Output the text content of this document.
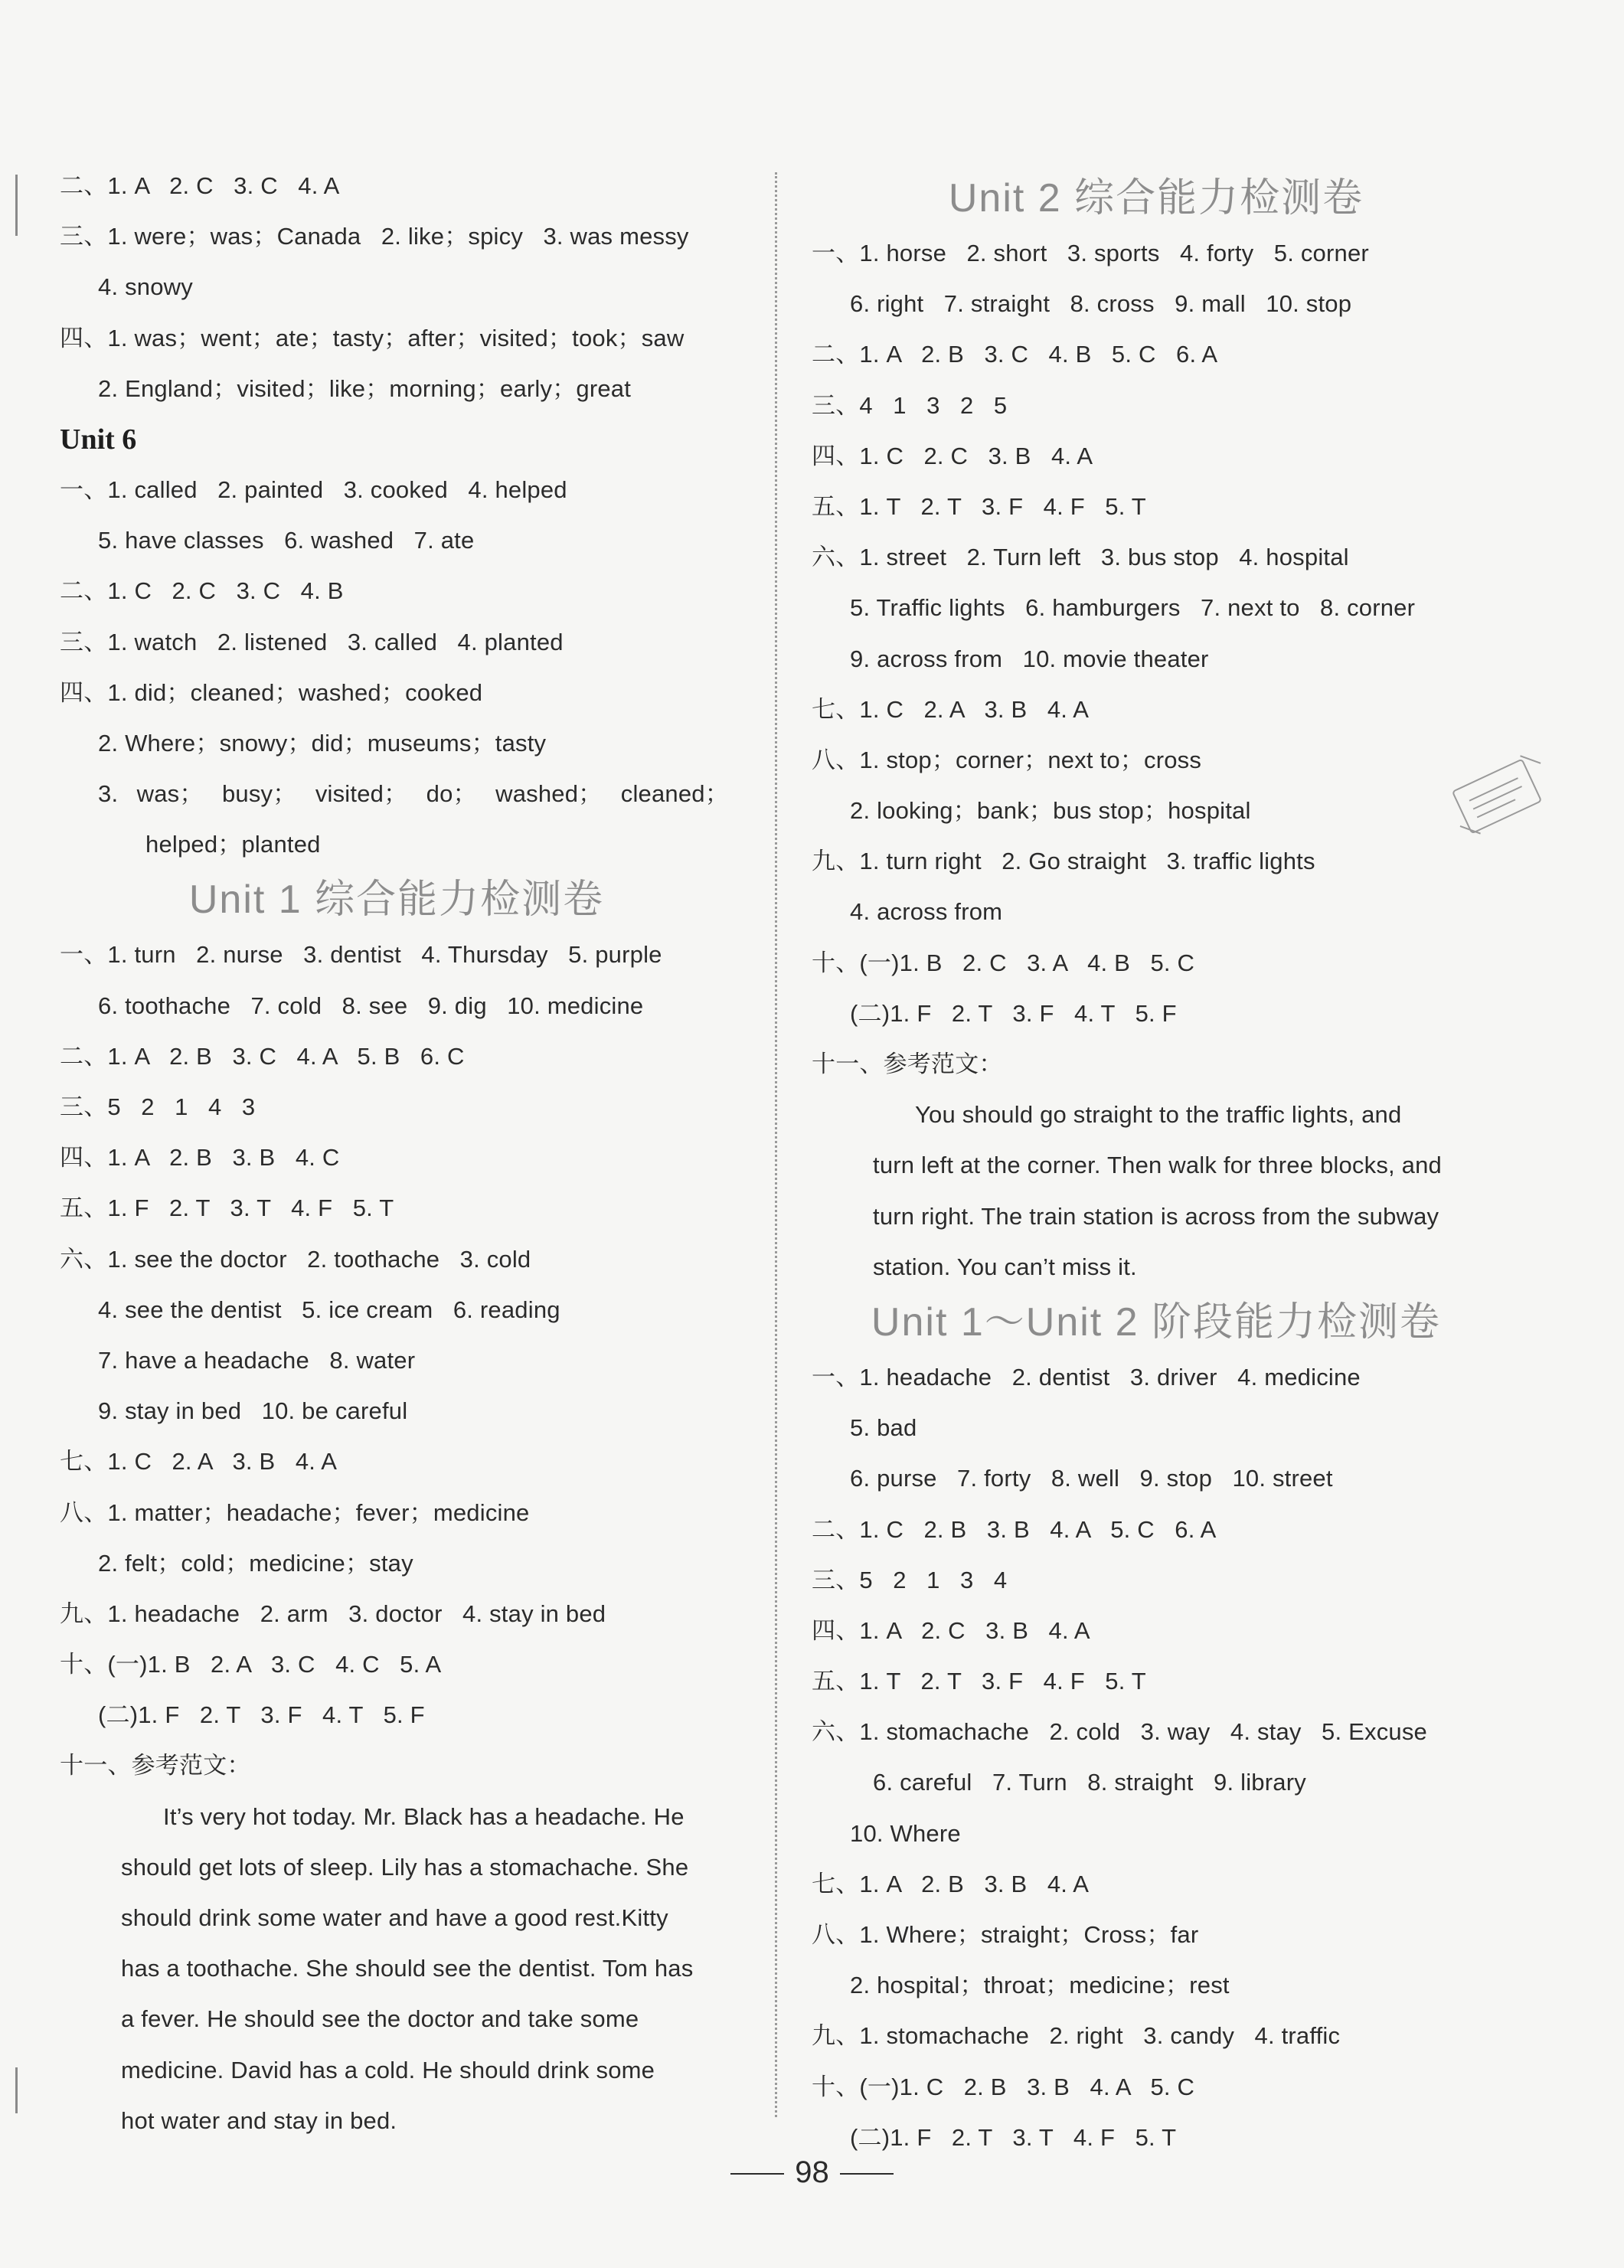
二、1. A   2. C   3. C   4. A
三、1. were；was；Canada   2. like；spicy   3. was messy
4. snowy
四、1. was；went；ate；tasty；after；visited；took；saw
2. England；visited；like；morning；early；great
Unit 6
一、1. called   2. painted   3. cooked   4. helped
5. have classes   6. washed   7. ate
二、1. C   2. C   3. C   4. B
三、1. watch   2. listened   3. called   4. planted
四、1. did；cleaned；washed；cooked
2. Where；snowy；did；museums；tasty
3. was； busy； visited； do； washed； cleaned；
helped；planted
Unit 1 综合能力检测卷
一、1. turn   2. nurse   3. dentist   4. Thursday   5. purple
6. toothache   7. cold   8. see   9. dig   10. medicine
二、1. A   2. B   3. C   4. A   5. B   6. C
三、5   2   1   4   3
四、1. A   2. B   3. B   4. C
五、1. F   2. T   3. T   4. F   5. T
六、1. see the doctor   2. toothache   3. cold
4. see the dentist   5. ice cream   6. reading
7. have a headache   8. water
9. stay in bed   10. be careful
七、1. C   2. A   3. B   4. A
八、1. matter；headache；fever；medicine
2. felt；cold；medicine；stay
九、1. headache   2. arm   3. doctor   4. stay in bed
十、(一)1. B   2. A   3. C   4. C   5. A
(二)1. F   2. T   3. F   4. T   5. F
十一、参考范文：
It’s very hot today. Mr. Black has a headache. He
should get lots of sleep. Lily has a stomachache. She
should drink some water and have a good rest.Kitty
has a toothache. She should see the dentist. Tom has
a fever. He should see the doctor and take some
medicine. David has a cold. He should drink some
hot water and stay in bed.
Unit 2 综合能力检测卷
一、1. horse   2. short   3. sports   4. forty   5. corner
6. right   7. straight   8. cross   9. mall   10. stop
二、1. A   2. B   3. C   4. B   5. C   6. A
三、4   1   3   2   5
四、1. C   2. C   3. B   4. A
五、1. T   2. T   3. F   4. F   5. T
六、1. street   2. Turn left   3. bus stop   4. hospital
5. Traffic lights   6. hamburgers   7. next to   8. corner
9. across from   10. movie theater
七、1. C   2. A   3. B   4. A
八、1. stop；corner；next to；cross
2. looking；bank；bus stop；hospital
九、1. turn right   2. Go straight   3. traffic lights
4. across from
十、(一)1. B   2. C   3. A   4. B   5. C
(二)1. F   2. T   3. F   4. T   5. F
十一、参考范文：
You should go straight to the traffic lights, and
turn left at the corner. Then walk for three blocks, and
turn right. The train station is across from the subway
station. You can’t miss it.
Unit 1～Unit 2 阶段能力检测卷
一、1. headache   2. dentist   3. driver   4. medicine
5. bad
6. purse   7. forty   8. well   9. stop   10. street
二、1. C   2. B   3. B   4. A   5. C   6. A
三、5   2   1   3   4
四、1. A   2. C   3. B   4. A
五、1. T   2. T   3. F   4. F   5. T
六、1. stomachache   2. cold   3. way   4. stay   5. Excuse
6. careful   7. Turn   8. straight   9. library
10. Where
七、1. A   2. B   3. B   4. A
八、1. Where；straight；Cross；far
2. hospital；throat；medicine；rest
九、1. stomachache   2. right   3. candy   4. traffic
十、(一)1. C   2. B   3. B   4. A   5. C
(二)1. F   2. T   3. T   4. F   5. T
98
